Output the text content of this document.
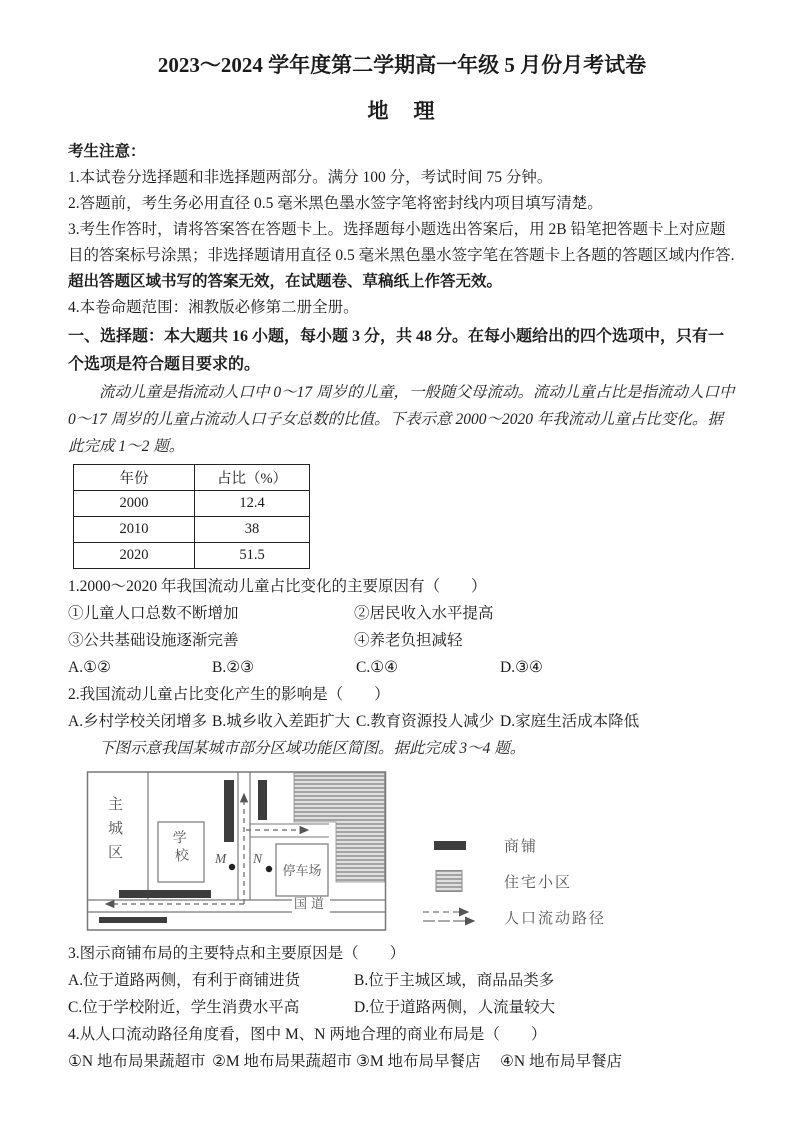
2023～2024 学年度第二学期高一年级 5 月份月考试卷
地　理

考生注意：

1.本试卷分选择题和非选择题两部分。满分 100 分，考试时间 75 分钟。

2.答题前，考生务必用直径 0.5 毫米黑色墨水签字笔将密封线内项目填写清楚。

3.考生作答时，请将答案答在答题卡上。选择题每小题选出答案后，用 2B 铅笔把答题卡上对应题目的答案标号涂黑；非选择题请用直径 0.5 毫米黑色墨水签字笔在答题卡上各题的答题区域内作答.超出答题区域书写的答案无效，在试题卷、草稿纸上作答无效。

4.本卷命题范围：湘教版必修第二册全册。

一、选择题：本大题共 16 小题，每小题 3 分，共 48 分。在每小题给出的四个选项中，只有一个选项是符合题目要求的。

流动儿童是指流动人口中 0～17 周岁的儿童，一般随父母流动。流动儿童占比是指流动人口中 0～17 周岁的儿童占流动人口子女总数的比值。下表示意 2000～2020 年我流动儿童占比变化。据此完成 1～2 题。

年份	占比（%）
2000	12.4
2010	38
2020	51.5

1.2000～2020 年我国流动儿童占比变化的主要原因有（　　）

①儿童人口总数不断增加	②居民收入水平提高
③公共基础设施逐渐完善	④养老负担减轻
A.①②	B.②③	C.①④	D.③④

2.我国流动儿童占比变化产生的影响是（　　）

A.乡村学校关闭增多 B.城乡收入差距扩大 C.教育资源投人减少 D.家庭生活成本降低

下图示意我国某城市部分区域功能区简图。据此完成 3～4 题。

主城区	学校
停车场
国道
M N
商铺
住宅小区
人口流动路径

3.图示商铺布局的主要特点和主要原因是（　　）

A.位于道路两侧，有利于商铺进货	B.位于主城区域，商品品类多
C.位于学校附近，学生消费水平高	D.位于道路两侧，人流量较大

4.从人口流动路径角度看，图中 M、N 两地合理的商业布局是（　　）

①N 地布局果蔬超市 ②M 地布局果蔬超市 ③M 地布局早餐店	④N 地布局早餐店
